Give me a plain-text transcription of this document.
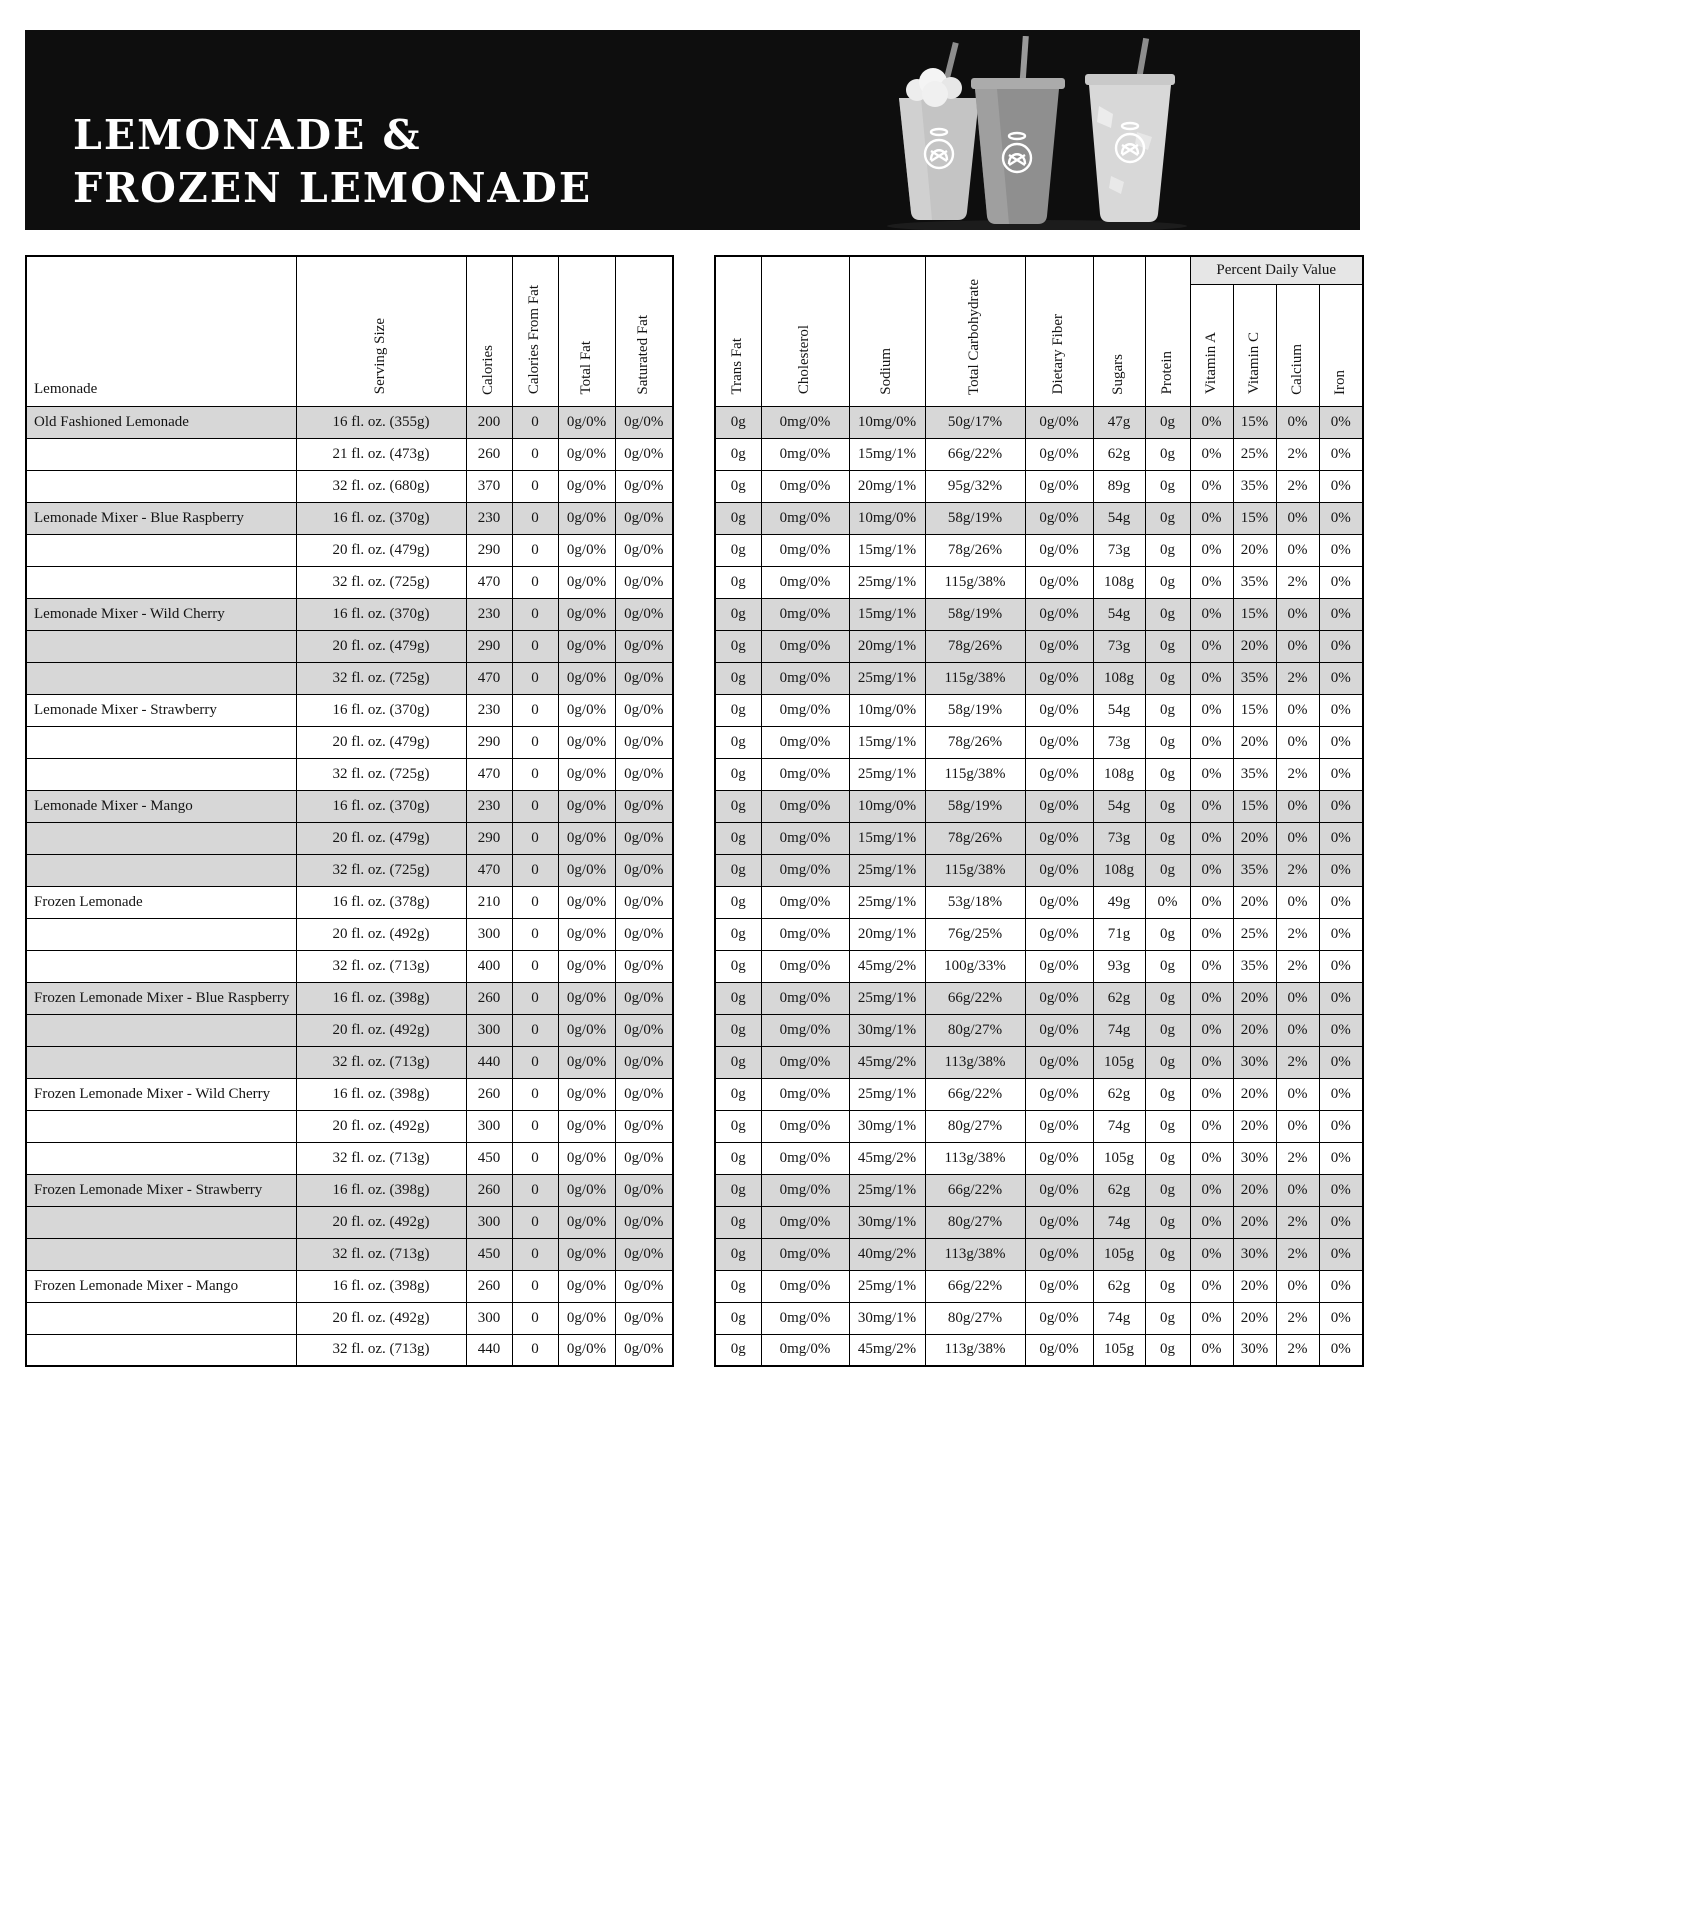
LEMONADE &
FROZEN LEMONADE
Lemonade	Serving Size	Calories	Calories From Fat	Total Fat	Saturated Fat
Old Fashioned Lemonade	16 fl. oz. (355g)	200	0	0g/0%	0g/0%
	21 fl. oz. (473g)	260	0	0g/0%	0g/0%
	32 fl. oz. (680g)	370	0	0g/0%	0g/0%
Lemonade Mixer - Blue Raspberry	16 fl. oz. (370g)	230	0	0g/0%	0g/0%
	20 fl. oz. (479g)	290	0	0g/0%	0g/0%
	32 fl. oz. (725g)	470	0	0g/0%	0g/0%
Lemonade Mixer - Wild Cherry	16 fl. oz. (370g)	230	0	0g/0%	0g/0%
	20 fl. oz. (479g)	290	0	0g/0%	0g/0%
	32 fl. oz. (725g)	470	0	0g/0%	0g/0%
Lemonade Mixer - Strawberry	16 fl. oz. (370g)	230	0	0g/0%	0g/0%
	20 fl. oz. (479g)	290	0	0g/0%	0g/0%
	32 fl. oz. (725g)	470	0	0g/0%	0g/0%
Lemonade Mixer - Mango	16 fl. oz. (370g)	230	0	0g/0%	0g/0%
	20 fl. oz. (479g)	290	0	0g/0%	0g/0%
	32 fl. oz. (725g)	470	0	0g/0%	0g/0%
Frozen Lemonade	16 fl. oz. (378g)	210	0	0g/0%	0g/0%
	20 fl. oz. (492g)	300	0	0g/0%	0g/0%
	32 fl. oz. (713g)	400	0	0g/0%	0g/0%
Frozen Lemonade Mixer - Blue Raspberry	16 fl. oz. (398g)	260	0	0g/0%	0g/0%
	20 fl. oz. (492g)	300	0	0g/0%	0g/0%
	32 fl. oz. (713g)	440	0	0g/0%	0g/0%
Frozen Lemonade Mixer - Wild Cherry	16 fl. oz. (398g)	260	0	0g/0%	0g/0%
	20 fl. oz. (492g)	300	0	0g/0%	0g/0%
	32 fl. oz. (713g)	450	0	0g/0%	0g/0%
Frozen Lemonade Mixer - Strawberry	16 fl. oz. (398g)	260	0	0g/0%	0g/0%
	20 fl. oz. (492g)	300	0	0g/0%	0g/0%
	32 fl. oz. (713g)	450	0	0g/0%	0g/0%
Frozen Lemonade Mixer - Mango	16 fl. oz. (398g)	260	0	0g/0%	0g/0%
	20 fl. oz. (492g)	300	0	0g/0%	0g/0%
	32 fl. oz. (713g)	440	0	0g/0%	0g/0%
Trans Fat	Cholesterol	Sodium	Total Carbohydrate	Dietary Fiber	Sugars	Protein	Percent Daily Value			
							Vitamin A	Vitamin C	Calcium	Iron
0g	0mg/0%	10mg/0%	50g/17%	0g/0%	47g	0g	0%	15%	0%	0%
0g	0mg/0%	15mg/1%	66g/22%	0g/0%	62g	0g	0%	25%	2%	0%
0g	0mg/0%	20mg/1%	95g/32%	0g/0%	89g	0g	0%	35%	2%	0%
0g	0mg/0%	10mg/0%	58g/19%	0g/0%	54g	0g	0%	15%	0%	0%
0g	0mg/0%	15mg/1%	78g/26%	0g/0%	73g	0g	0%	20%	0%	0%
0g	0mg/0%	25mg/1%	115g/38%	0g/0%	108g	0g	0%	35%	2%	0%
0g	0mg/0%	15mg/1%	58g/19%	0g/0%	54g	0g	0%	15%	0%	0%
0g	0mg/0%	20mg/1%	78g/26%	0g/0%	73g	0g	0%	20%	0%	0%
0g	0mg/0%	25mg/1%	115g/38%	0g/0%	108g	0g	0%	35%	2%	0%
0g	0mg/0%	10mg/0%	58g/19%	0g/0%	54g	0g	0%	15%	0%	0%
0g	0mg/0%	15mg/1%	78g/26%	0g/0%	73g	0g	0%	20%	0%	0%
0g	0mg/0%	25mg/1%	115g/38%	0g/0%	108g	0g	0%	35%	2%	0%
0g	0mg/0%	10mg/0%	58g/19%	0g/0%	54g	0g	0%	15%	0%	0%
0g	0mg/0%	15mg/1%	78g/26%	0g/0%	73g	0g	0%	20%	0%	0%
0g	0mg/0%	25mg/1%	115g/38%	0g/0%	108g	0g	0%	35%	2%	0%
0g	0mg/0%	25mg/1%	53g/18%	0g/0%	49g	0%	0%	20%	0%	0%
0g	0mg/0%	20mg/1%	76g/25%	0g/0%	71g	0g	0%	25%	2%	0%
0g	0mg/0%	45mg/2%	100g/33%	0g/0%	93g	0g	0%	35%	2%	0%
0g	0mg/0%	25mg/1%	66g/22%	0g/0%	62g	0g	0%	20%	0%	0%
0g	0mg/0%	30mg/1%	80g/27%	0g/0%	74g	0g	0%	20%	0%	0%
0g	0mg/0%	45mg/2%	113g/38%	0g/0%	105g	0g	0%	30%	2%	0%
0g	0mg/0%	25mg/1%	66g/22%	0g/0%	62g	0g	0%	20%	0%	0%
0g	0mg/0%	30mg/1%	80g/27%	0g/0%	74g	0g	0%	20%	0%	0%
0g	0mg/0%	45mg/2%	113g/38%	0g/0%	105g	0g	0%	30%	2%	0%
0g	0mg/0%	25mg/1%	66g/22%	0g/0%	62g	0g	0%	20%	0%	0%
0g	0mg/0%	30mg/1%	80g/27%	0g/0%	74g	0g	0%	20%	2%	0%
0g	0mg/0%	40mg/2%	113g/38%	0g/0%	105g	0g	0%	30%	2%	0%
0g	0mg/0%	25mg/1%	66g/22%	0g/0%	62g	0g	0%	20%	0%	0%
0g	0mg/0%	30mg/1%	80g/27%	0g/0%	74g	0g	0%	20%	2%	0%
0g	0mg/0%	45mg/2%	113g/38%	0g/0%	105g	0g	0%	30%	2%	0%
